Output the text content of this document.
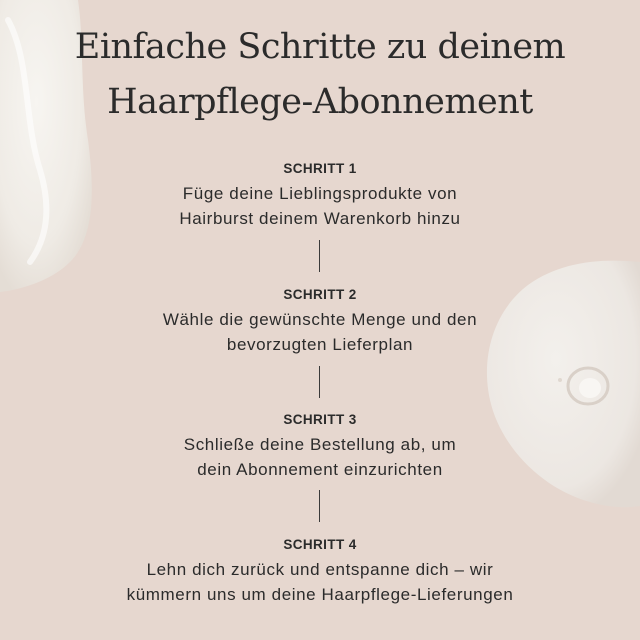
Einfache Schritte zu deinem
Haarpflege-Abonnement
SCHRITT 1
Füge deine Lieblingsprodukte von
Hairburst deinem Warenkorb hinzu
SCHRITT 2
Wähle die gewünschte Menge und den
bevorzugten Lieferplan
SCHRITT 3
Schließe deine Bestellung ab, um
dein Abonnement einzurichten
SCHRITT 4
Lehn dich zurück und entspanne dich – wir
kümmern uns um deine Haarpflege-Lieferungen
